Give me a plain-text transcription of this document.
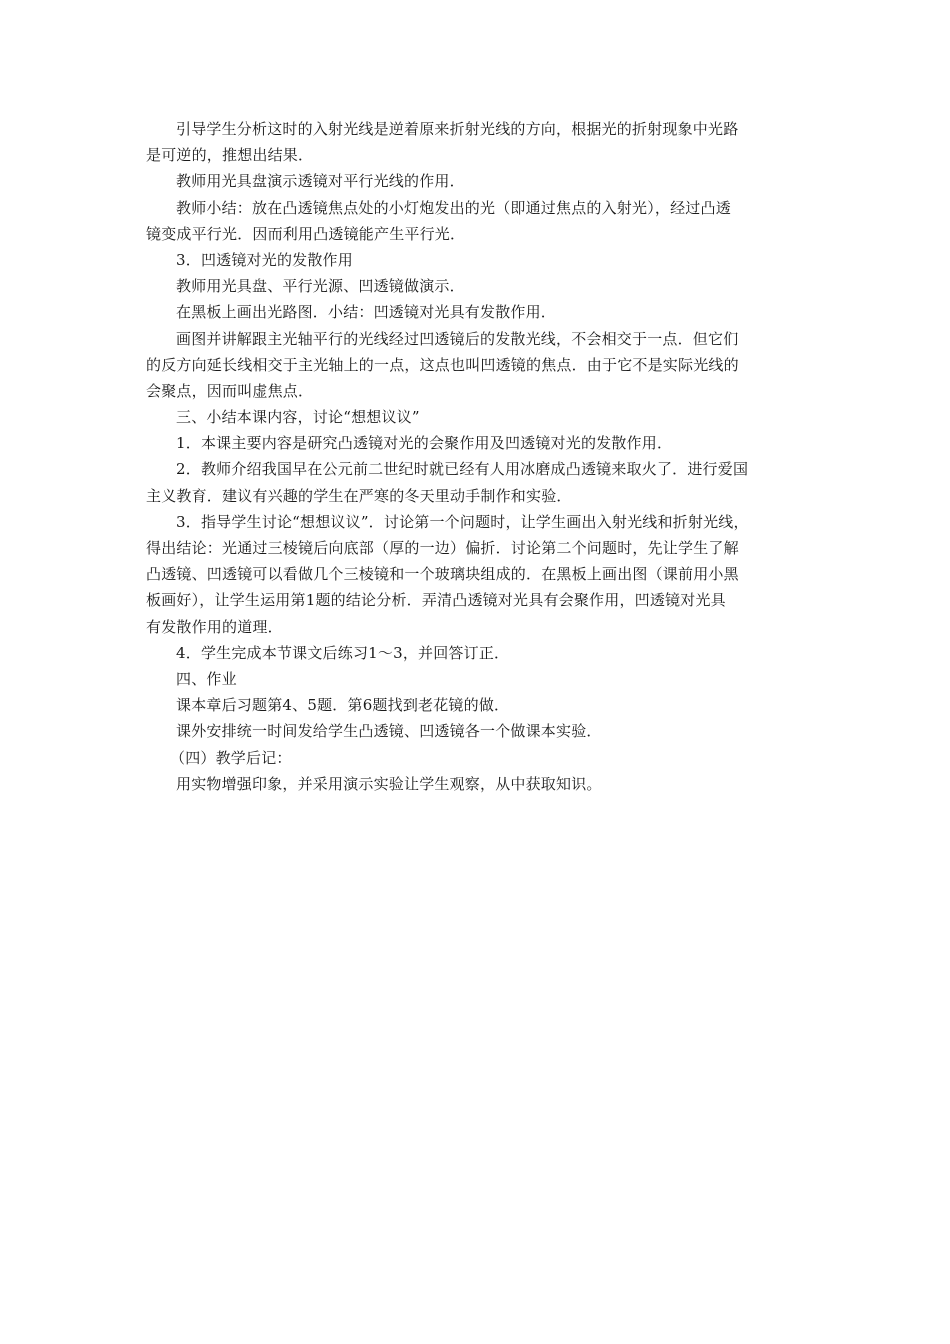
引导学生分析这时的入射光线是逆着原来折射光线的方向，根据光的折射现象中光路
是可逆的，推想出结果．
教师用光具盘演示透镜对平行光线的作用．
教师小结：放在凸透镜焦点处的小灯炮发出的光（即通过焦点的入射光），经过凸透
镜变成平行光．因而利用凸透镜能产生平行光．
3．凹透镜对光的发散作用
教师用光具盘、平行光源、凹透镜做演示．
在黑板上画出光路图．小结：凹透镜对光具有发散作用．
画图并讲解跟主光轴平行的光线经过凹透镜后的发散光线，不会相交于一点．但它们
的反方向延长线相交于主光轴上的一点，这点也叫凹透镜的焦点．由于它不是实际光线的
会聚点，因而叫虚焦点．
三、小结本课内容，讨论“想想议议”
1．本课主要内容是研究凸透镜对光的会聚作用及凹透镜对光的发散作用．
2．教师介绍我国早在公元前二世纪时就已经有人用冰磨成凸透镜来取火了．进行爱国
主义教育．建议有兴趣的学生在严寒的冬天里动手制作和实验．
3．指导学生讨论“想想议议”．讨论第一个问题时，让学生画出入射光线和折射光线，
得出结论：光通过三棱镜后向底部（厚的一边）偏折．讨论第二个问题时，先让学生了解
凸透镜、凹透镜可以看做几个三棱镜和一个玻璃块组成的．在黑板上画出图（课前用小黑
板画好），让学生运用第1题的结论分析．弄清凸透镜对光具有会聚作用，凹透镜对光具
有发散作用的道理．
4．学生完成本节课文后练习1～3，并回答订正．
四、作业
课本章后习题第4、5题．第6题找到老花镜的做．
课外安排统一时间发给学生凸透镜、凹透镜各一个做课本实验．
（四）教学后记：
用实物增强印象，并采用演示实验让学生观察，从中获取知识。
